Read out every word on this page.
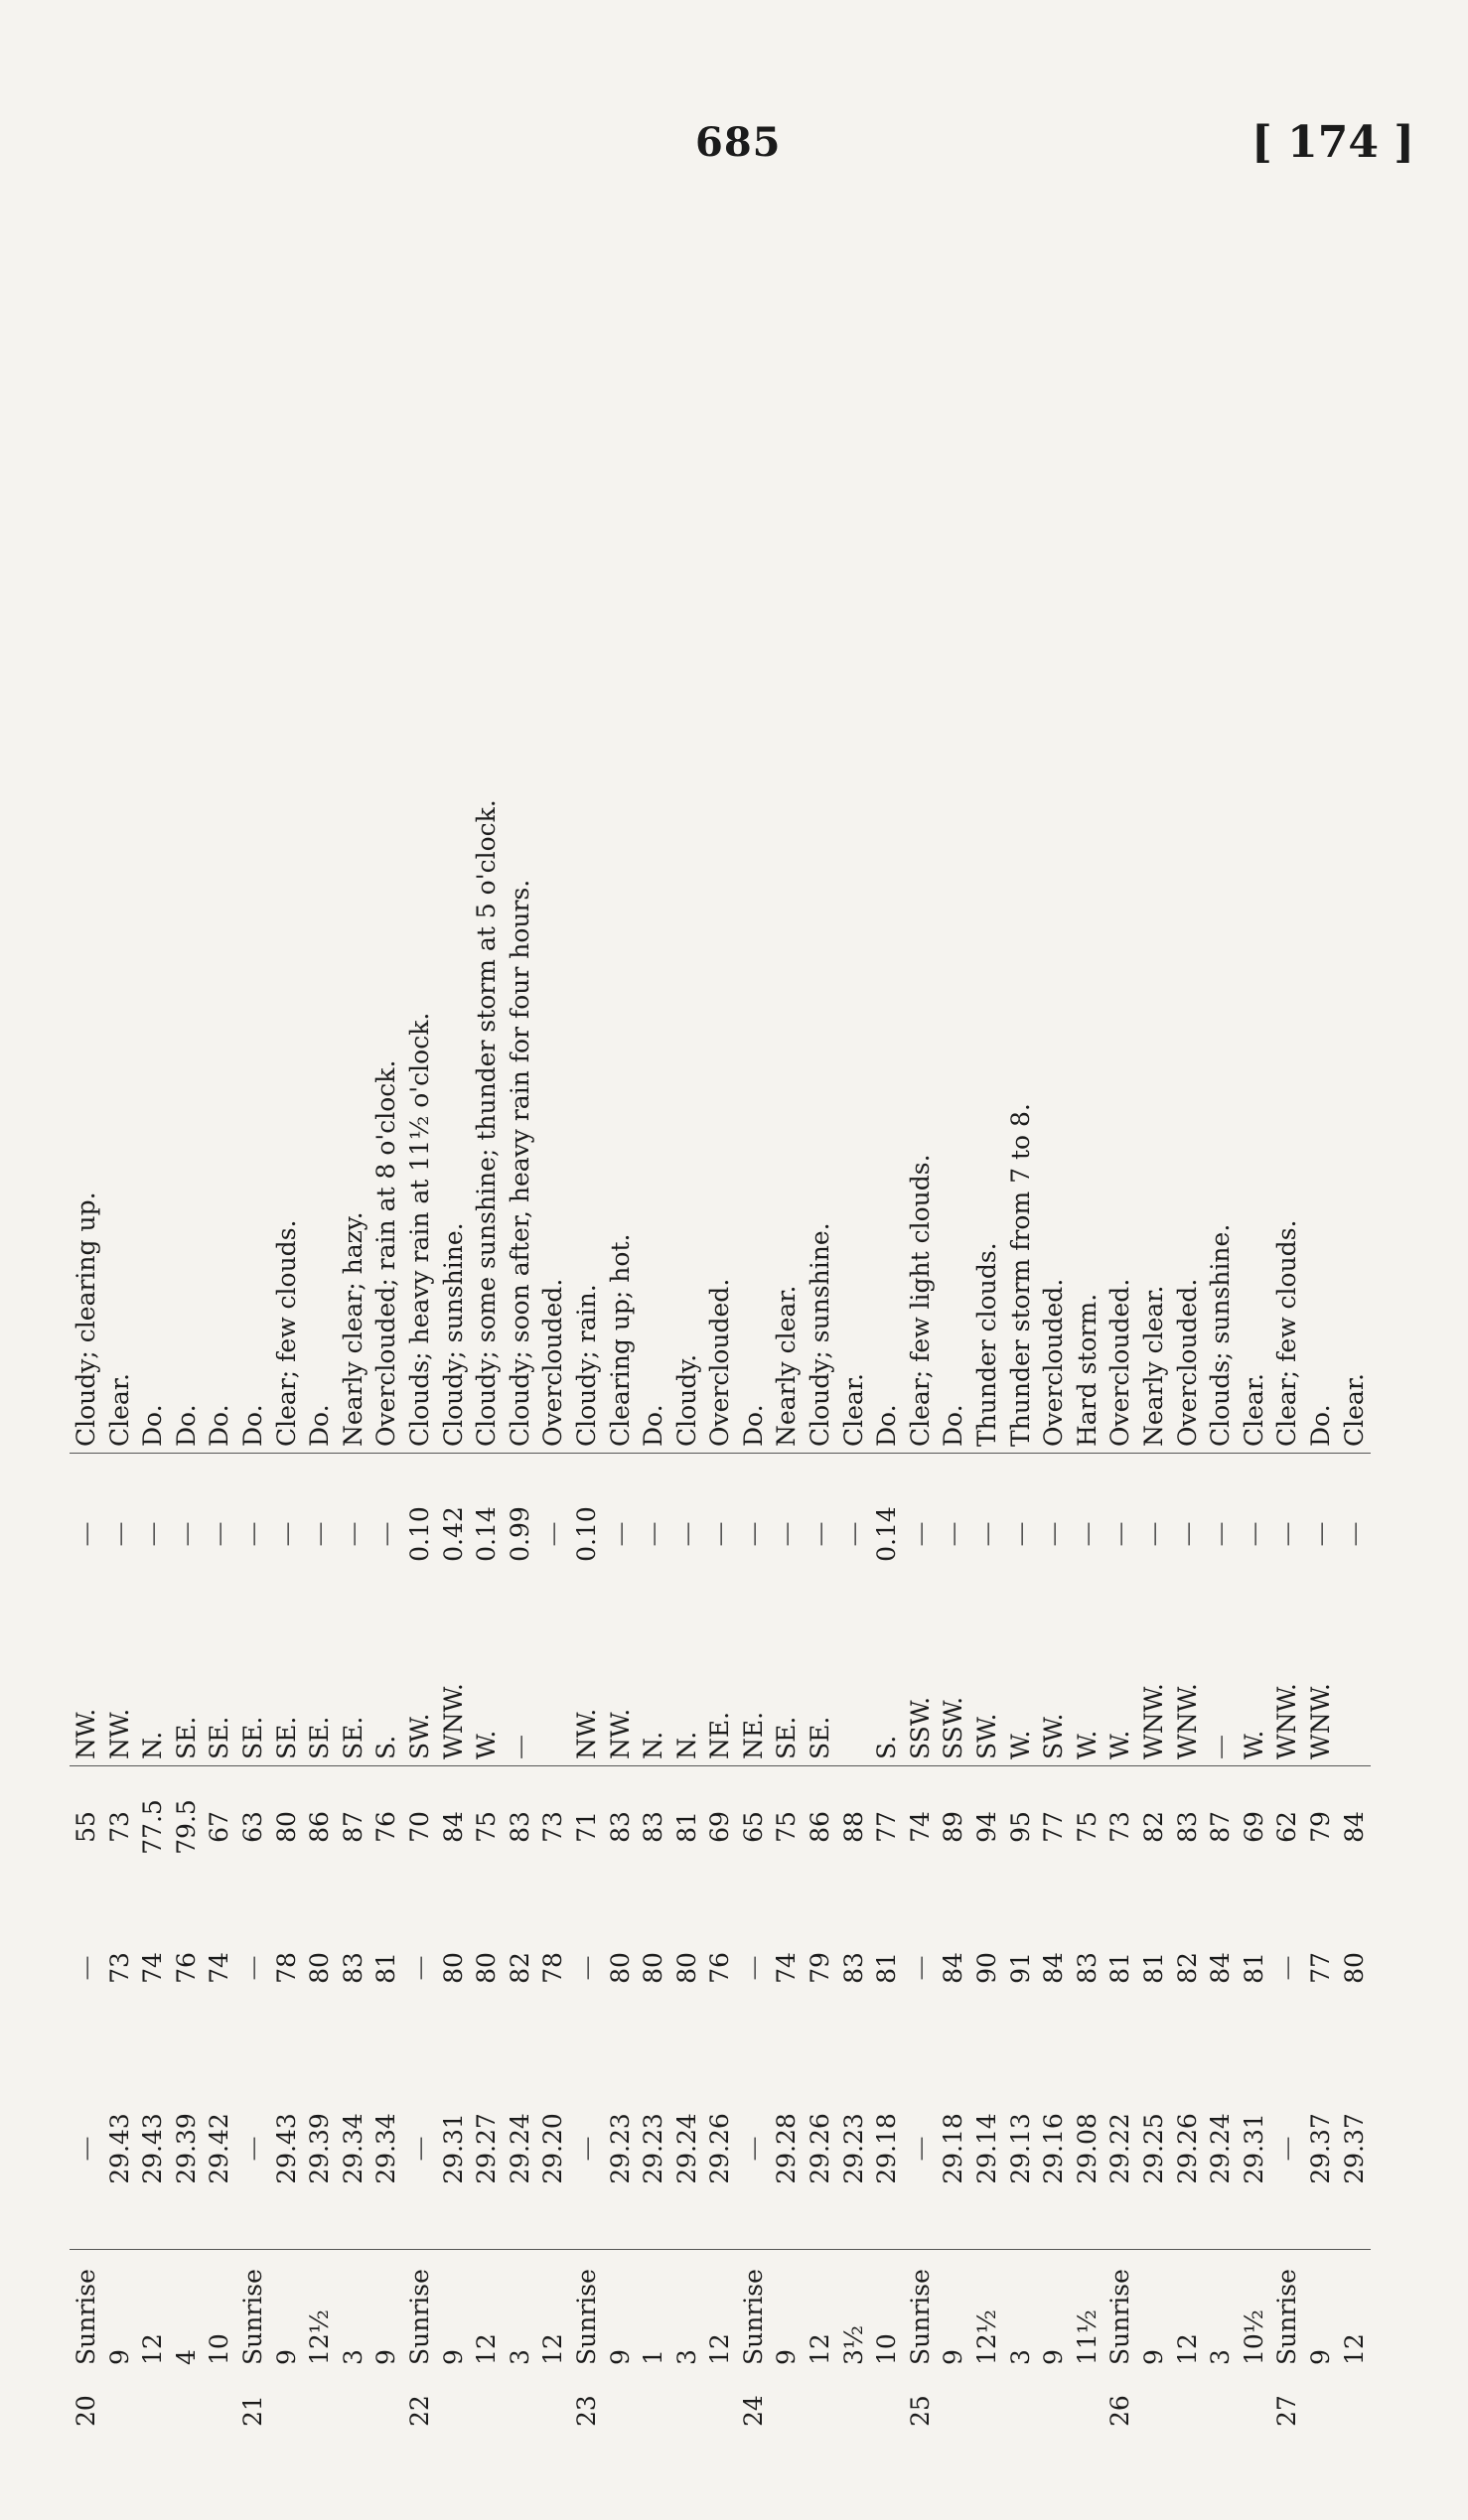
685	[ 174 ]
20	Sunrise	—	—	55	NW.	—	Cloudy; clearing up.
	9	29.43	73	73	NW.	—	Clear.
	12	29.43	74	77.5	N.	—	Do.
	4	29.39	76	79.5	SE.	—	Do.
	10	29.42	74	67	SE.	—	Do.
21	Sunrise	—	—	63	SE.	—	Do.
	9	29.43	78	80	SE.	—	Clear; few clouds.
	12½	29.39	80	86	SE.	—	Do.
	3	29.34	83	87	SE.	—	Nearly clear; hazy.
	9	29.34	81	76	S.	—	Overclouded; rain at 8 o'clock.
22	Sunrise	—	—	70	SW.	0.10	Clouds; heavy rain at 11½ o'clock.
	9	29.31	80	84	WNW.	0.42	Cloudy; sunshine.
	12	29.27	80	75	W.	0.14	Cloudy; some sunshine; thunder storm at 5 o'clock.
	3	29.24	82	83	—	0.99	Cloudy; soon after, heavy rain for four hours.
	12	29.20	78	73		—	Overclouded.
23	Sunrise	—	—	71	NW.	0.10	Cloudy; rain.
	9	29.23	80	83	NW.	—	Clearing up; hot.
	1	29.23	80	83	N.	—	Do.
	3	29.24	80	81	N.	—	Cloudy.
	12	29.26	76	69	NE.	—	Overclouded.
24	Sunrise	—	—	65	NE.	—	Do.
	9	29.28	74	75	SE.	—	Nearly clear.
	12	29.26	79	86	SE.	—	Cloudy; sunshine.
	3½	29.23	83	88		—	Clear.
	10	29.18	81	77	S.	0.14	Do.
25	Sunrise	—	—	74	SSW.	—	Clear; few light clouds.
	9	29.18	84	89	SSW.	—	Do.
	12½	29.14	90	94	SW.	—	Thunder clouds.
	3	29.13	91	95	W.	—	Thunder storm from 7 to 8.
	9	29.16	84	77	SW.	—	Overclouded.
	11½	29.08	83	75	W.	—	Hard storm.
26	Sunrise	29.22	81	73	W.	—	Overclouded.
	9	29.25	81	82	WNW.	—	Nearly clear.
	12	29.26	82	83	WNW.	—	Overclouded.
	3	29.24	84	87	—	—	Clouds; sunshine.
	10½	29.31	81	69	W.	—	Clear.
27	Sunrise	—	—	62	WNW.	—	Clear; few clouds.
	9	29.37	77	79	WNW.	—	Do.
	12	29.37	80	84		—	Clear.
